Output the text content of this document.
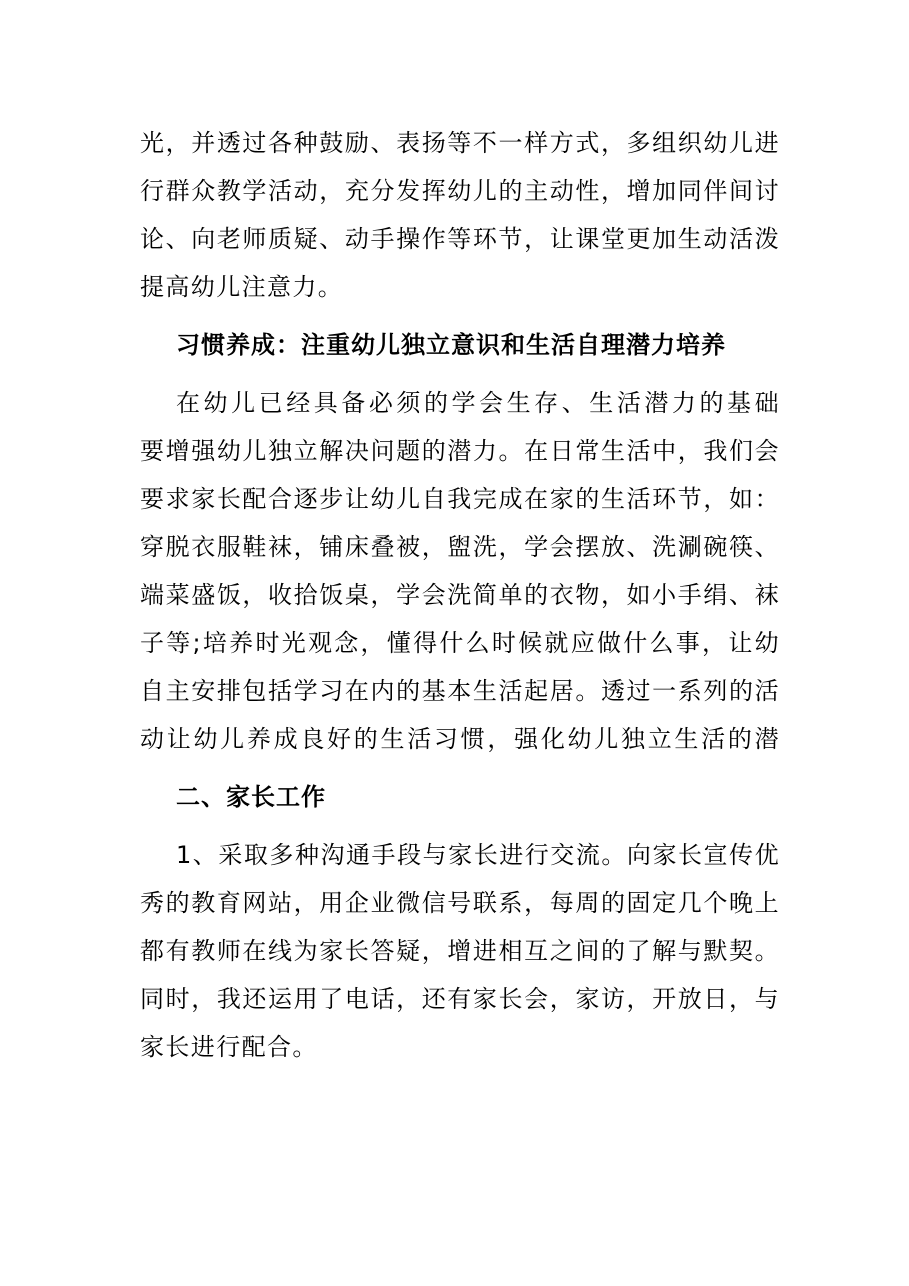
光，并透过各种鼓励、表扬等不一样方式，多组织幼儿进
行群众教学活动，充分发挥幼儿的主动性，增加同伴间讨
论、向老师质疑、动手操作等环节，让课堂更加生动活泼
提高幼儿注意力。
习惯养成：注重幼儿独立意识和生活自理潜力培养
在幼儿已经具备必须的学会生存、生活潜力的基础
要增强幼儿独立解决问题的潜力。在日常生活中，我们会
要求家长配合逐步让幼儿自我完成在家的生活环节，如：
穿脱衣服鞋袜，铺床叠被，盥洗，学会摆放、洗涮碗筷、
端菜盛饭，收拾饭桌，学会洗简单的衣物，如小手绢、袜
子等;培养时光观念，懂得什么时候就应做什么事，让幼
自主安排包括学习在内的基本生活起居。透过一系列的活
动让幼儿养成良好的生活习惯，强化幼儿独立生活的潜
二、家长工作
1、采取多种沟通手段与家长进行交流。向家长宣传优
秀的教育网站，用企业微信号联系，每周的固定几个晚上
都有教师在线为家长答疑，增进相互之间的了解与默契。
同时，我还运用了电话，还有家长会，家访，开放日，与
家长进行配合。
